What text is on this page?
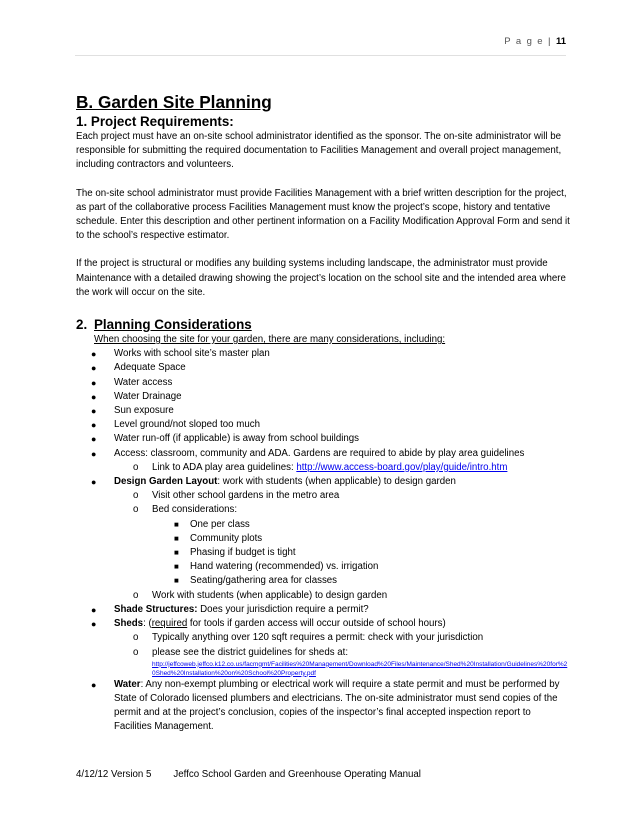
P a g e | 11
B. Garden Site Planning
1. Project Requirements:
Each project must have an on-site school administrator identified as the sponsor. The on-site administrator will be responsible for submitting the required documentation to Facilities Management and overall project management, including contractors and volunteers.
The on-site school administrator must provide Facilities Management with a brief written description for the project, as part of the collaborative process Facilities Management must know the project’s scope, history and tentative schedule. Enter this description and other pertinent information on a Facility Modification Approval Form and send it to the school’s respective estimator.
If the project is structural or modifies any building systems including landscape, the administrator must provide Maintenance with a detailed drawing showing the project’s location on the school site and the intended area where the work will occur on the site.
2. Planning Considerations
When choosing the site for your garden, there are many considerations, including:
● Works with school site’s master plan
● Adequate Space
● Water access
● Water Drainage
● Sun exposure
● Level ground/not sloped too much
● Water run-off (if applicable) is away from school buildings
● Access: classroom, community and ADA. Gardens are required to abide by play area guidelines
o Link to ADA play area guidelines: http://www.access-board.gov/play/guide/intro.htm
● Design Garden Layout: work with students (when applicable) to design garden
o Visit other school gardens in the metro area
o Bed considerations:
■ One per class
■ Community plots
■ Phasing if budget is tight
■ Hand watering (recommended) vs. irrigation
■ Seating/gathering area for classes
o Work with students (when applicable) to design garden
● Shade Structures: Does your jurisdiction require a permit?
● Sheds: (required for tools if garden access will occur outside of school hours)
o Typically anything over 120 sqft requires a permit: check with your jurisdiction
o please see the district guidelines for sheds at:
http://jeffcoweb.jeffco.k12.co.us/facmgmt/Facilities%20Management/Download%20Files/Maintenance/Shed%20Installation/Guidelines%20for%20Shed%20Installation%20on%20School%20Property.pdf
● Water: Any non-exempt plumbing or electrical work will require a state permit and must be performed by State of Colorado licensed plumbers and electricians. The on-site administrator must send copies of the permit and at the project’s conclusion, copies of the inspector’s final accepted inspection report to Facilities Management.
4/12/12 Version 5 Jeffco School Garden and Greenhouse Operating Manual
